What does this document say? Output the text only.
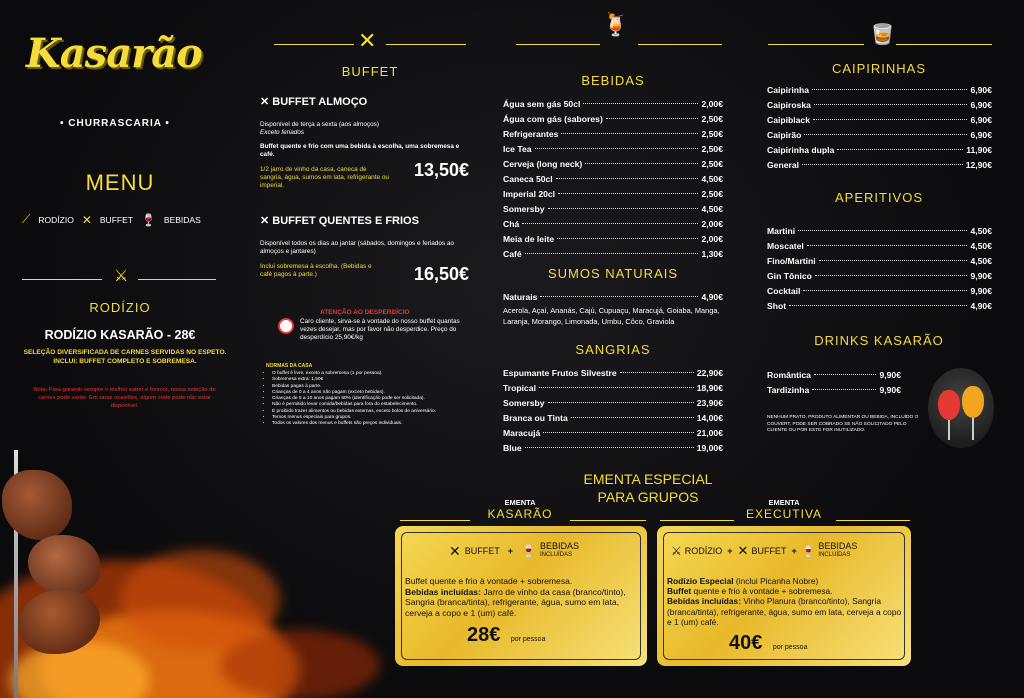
Kasarão
• CHURRASCARIA •
MENU
⟋ RODÍZIO ✕ BUFFET 🍷 BEBIDAS
⚔
RODÍZIO
RODÍZIO KASARÃO - 28€
SELEÇÃO DIVERSIFICADA DE CARNES SERVIDAS NO ESPETO. INCLUI: BUFFET COMPLETO E SOBREMESA.
Nota: Para garantir sempre o melhor sabor e frescor, nossa seleção de carnes pode variar. Em raras ocasiões, algum corte pode não estar disponível.
✕
BUFFET
✕ BUFFET ALMOÇO
Disponível de terça a sexta (aos almoços)
Exceto feriados
Buffet quente e frio com uma bebida à escolha, uma sobremesa e café.
1/2 jarro de vinho da casa, caneca de sangria, água, sumos em lata, refrigerante ou imperial.
13,50€
✕ BUFFET QUENTES E FRIOS
Disponível todos os dias ao jantar (sábados, domingos e feriados ao almoços e jantares)
Inclui sobremesa à escolha. (Bebidas e café pagos à parte.)	16,50€
ATENÇÃO AO DESPERDÍCIO
Caro cliente, sirva-se à vontade do nosso buffet quantas vezes desejar, mas por favor não desperdice. Preço do desperdício 25,90€/kg
NORMAS DA CASA
• O buffet é livre, exceto a sobremesa (1 por pessoa).
• Sobremesa extra: 1,50€
• Bebidas pagas à parte.
• Crianças de 0 a 4 anos não pagam (exceto bebidas).
• Crianças de 5 a 10 anos pagam 50% (identificação pode ser solicitada).
• Não é permitido levar comida/bebidas para fora do estabelecimento.
• É proibido trazer alimentos ou bebidas externas, exceto bolos de aniversário.
• Temos menus especiais para grupos.
• Todos os valores dos menus e buffets são preços individuais.
🍹
BEBIDAS
Água sem gás 50cl	2,00€
Água com gás (sabores)	2,50€
Refrigerantes	2,50€
Ice Tea	2,50€
Cerveja (long neck)	2,50€
Caneca 50cl	4,50€
Imperial 20cl	2,50€
Somersby	4,50€
Chá	2,00€
Meia de leite	2,00€
Café	1,30€
SUMOS NATURAIS
Naturais	4,90€
Acerola, Açaí, Ananás, Cajú, Cupuaçu, Maracujá, Goiaba, Manga, Laranja, Morango, Limonada, Umbu, Côco, Graviola
SANGRIAS
Espumante Frutos Silvestre	22,90€
Tropical	18,90€
Somersby	23,90€
Branca ou Tinta	14,00€
Maracujá	21,00€
Blue	19,00€
🥃
CAIPIRINHAS
Caipirinha	6,90€
Caipiroska	6,90€
Caipiblack	6,90€
Caipirão	6,90€
Caipirinha dupla	11,90€
General	12,90€
APERITIVOS
Martini	4,50€
Moscatel	4,50€
Fino/Martini	4,50€
Gin Tônico	9,90€
Cocktail	9,90€
Shot	4,90€
DRINKS KASARÃO
Romântica	9,90€
Tardizinha	9,90€
NENHUM PRATO, PRODUTO ALIMENTAR OU BEBIDA, INCLUÍDO O COUVERT, PODE SER COBRADO SE NÃO SOLICITADO PELO CLIENTE OU POR ESTE FOR INUTILIZADO.
EMENTA ESPECIAL
PARA GRUPOS
EMENTA
KASARÃO
✕ BUFFET + 🍷 BEBIDAS
INCLUÍDAS
Buffet quente e frio à vontade + sobremesa.
Bebidas incluídas: Jarro de vinho da casa (branco/tinto), Sangria (branca/tinta), refrigerante, água, sumo em lata, cerveja a copo e 1 (um) café.
28€ por pessoa
EMENTA
EXECUTIVA
⚔ RODÍZIO + ✕ BUFFET + 🍷 BEBIDAS
INCLUÍDAS
Rodízio Especial (inclui Picanha Nobre)
Buffet quente e frio à vontade + sobremesa.
Bebidas incluídas: Vinho Planura (branco/tinto), Sangria (branca/tinta), refrigerante, água, sumo em lata, cerveja a copo e 1 (um) café.
40€ por pessoa
